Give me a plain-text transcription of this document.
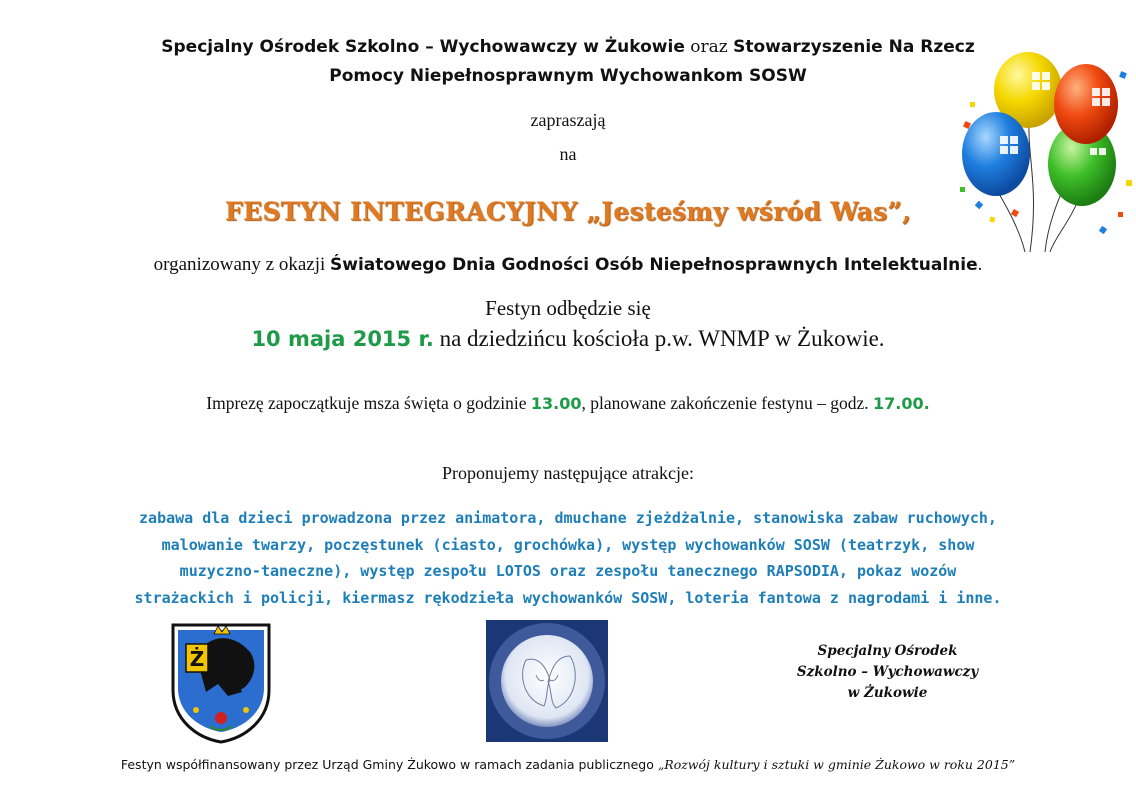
Specjalny Ośrodek Szkolno – Wychowawczy w Żukowie oraz Stowarzyszenie Na Rzecz
Pomocy Niepełnosprawnym Wychowankom SOSW
zapraszają
na
FESTYN INTEGRACYJNY „Jesteśmy wśród Was”,
organizowany z okazji Światowego Dnia Godności Osób Niepełnosprawnych Intelektualnie.
Festyn odbędzie się
10 maja 2015 r. na dziedzińcu kościoła p.w. WNMP w Żukowie.
Imprezę zapoczątkuje msza święta o godzinie 13.00, planowane zakończenie festynu – godz. 17.00.
Proponujemy następujące atrakcje:
zabawa dla dzieci prowadzona przez animatora, dmuchane zjeżdżalnie, stanowiska zabaw ruchowych,
malowanie twarzy, poczęstunek (ciasto, grochówka), występ wychowanków SOSW (teatrzyk, show
muzyczno-taneczne), występ zespołu LOTOS oraz zespołu tanecznego RAPSODIA, pokaz wozów
strażackich i policji, kiermasz rękodzieła wychowanków SOSW, loteria fantowa z nagrodami i inne.
Ż	Specjalny Ośrodek
Szkolno – Wychowawczy
w Żukowie
Festyn współfinansowany przez Urząd Gminy Żukowo w ramach zadania publicznego „Rozwój kultury i sztuki w gminie Żukowo w roku 2015”
